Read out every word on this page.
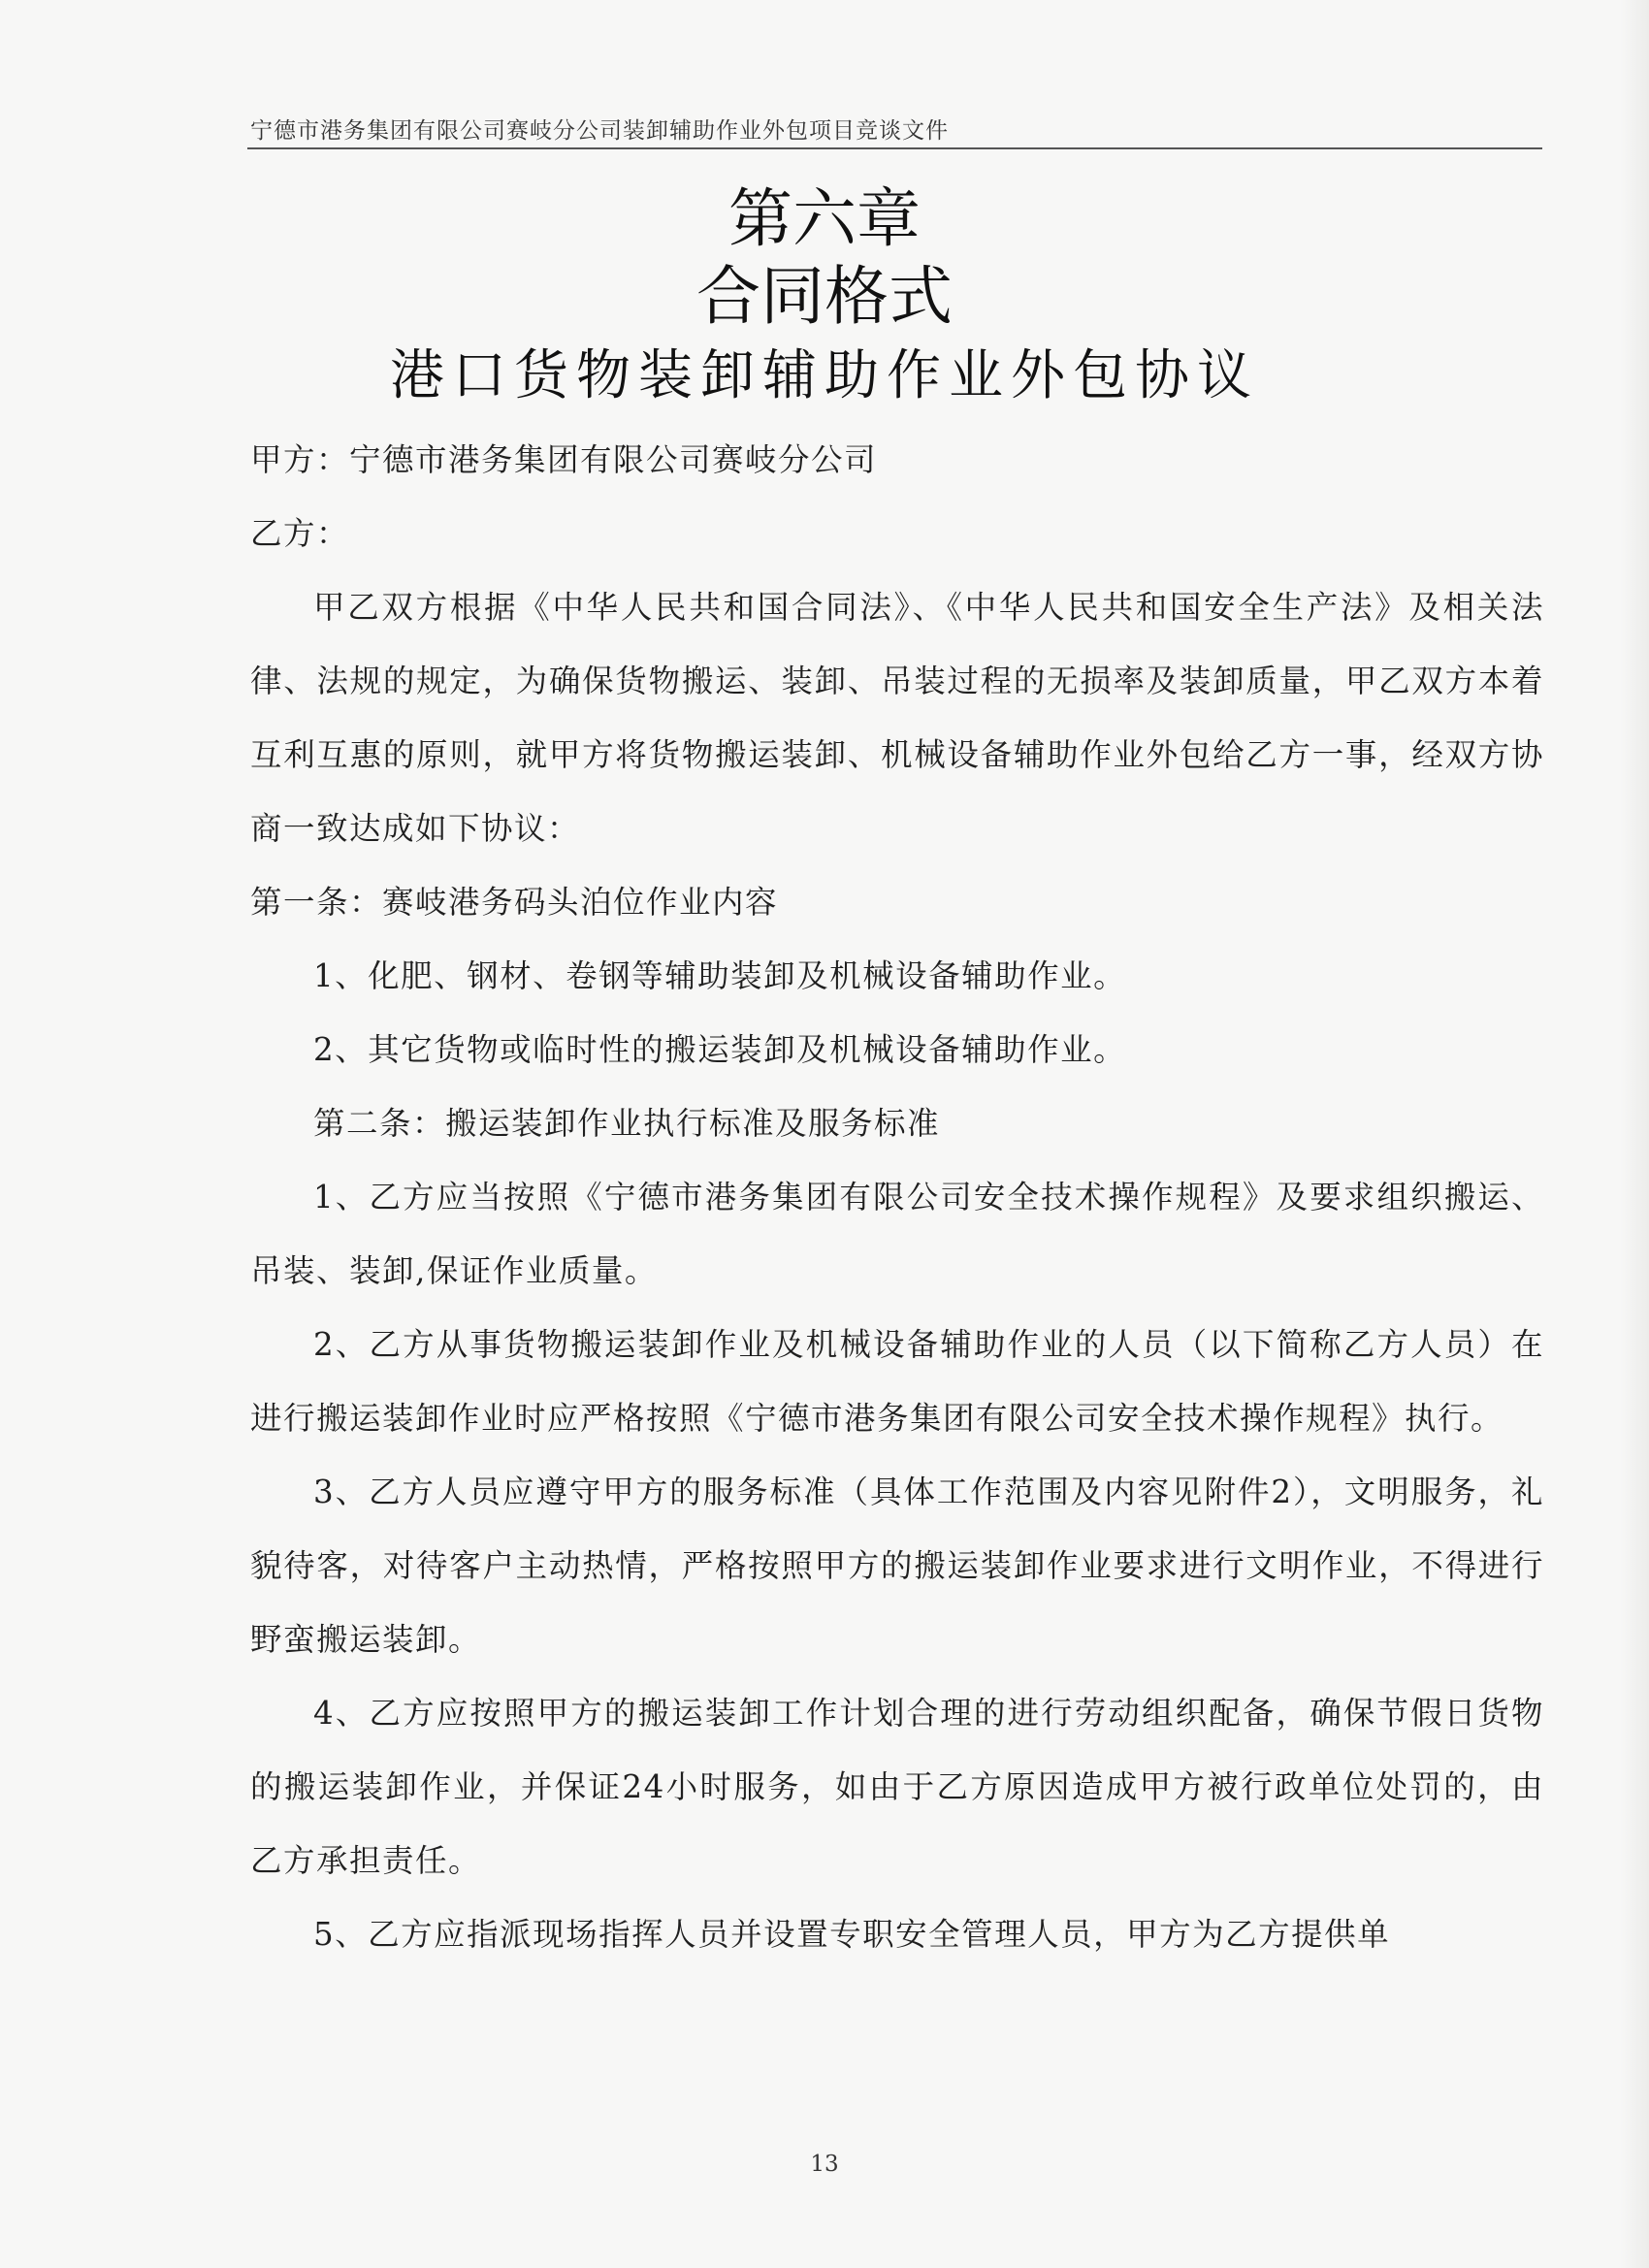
宁德市港务集团有限公司赛岐分公司装卸辅助作业外包项目竞谈文件
第六章
合同格式
港口货物装卸辅助作业外包协议

甲方：宁德市港务集团有限公司赛岐分公司

乙方：

甲乙双方根据《中华人民共和国合同法》、《中华人民共和国安全生产法》及相关法律、法规的规定，为确保货物搬运、装卸、吊装过程的无损率及装卸质量，甲乙双方本着互利互惠的原则，就甲方将货物搬运装卸、机械设备辅助作业外包给乙方一事，经双方协商一致达成如下协议：

第一条：赛岐港务码头泊位作业内容

1、化肥、钢材、卷钢等辅助装卸及机械设备辅助作业。

2、其它货物或临时性的搬运装卸及机械设备辅助作业。

第二条：搬运装卸作业执行标准及服务标准

1、乙方应当按照《宁德市港务集团有限公司安全技术操作规程》及要求组织搬运、吊装、装卸,保证作业质量。

2、乙方从事货物搬运装卸作业及机械设备辅助作业的人员（以下简称乙方人员）在进行搬运装卸作业时应严格按照《宁德市港务集团有限公司安全技术操作规程》执行。

3、乙方人员应遵守甲方的服务标准（具体工作范围及内容见附件2），文明服务，礼貌待客，对待客户主动热情，严格按照甲方的搬运装卸作业要求进行文明作业，不得进行野蛮搬运装卸。

4、乙方应按照甲方的搬运装卸工作计划合理的进行劳动组织配备，确保节假日货物的搬运装卸作业，并保证24小时服务，如由于乙方原因造成甲方被行政单位处罚的，由乙方承担责任。

5、乙方应指派现场指挥人员并设置专职安全管理人员，甲方为乙方提供单

13
